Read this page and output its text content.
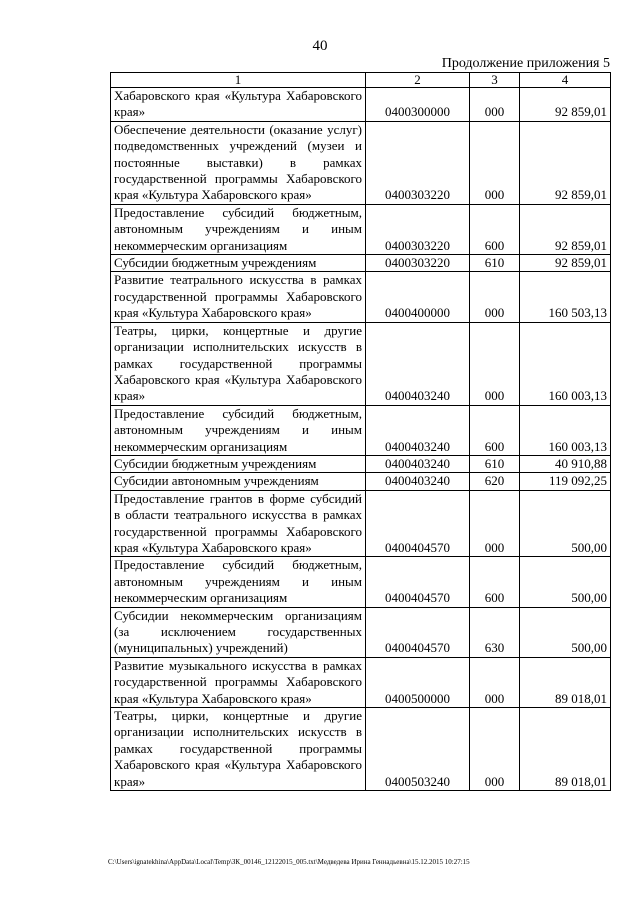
40
Продолжение приложения 5
1	2	3	4
Хабаровского края «Культура Хабаровского края»	0400300000	000	92 859,01
Обеспечение деятельности (оказание услуг) подведомственных учреждений (музеи и постоянные выставки) в рамках государственной программы Хабаровского края «Культура Хабаровского края»	0400303220	000	92 859,01
Предоставление субсидий бюджетным, автономным учреждениям и иным некоммерческим организациям	0400303220	600	92 859,01
Субсидии бюджетным учреждениям	0400303220	610	92 859,01
Развитие театрального искусства в рамках государственной программы Хабаровского края «Культура Хабаровского края»	0400400000	000	160 503,13
Театры, цирки, концертные и другие организации исполнительских искусств в рамках государственной программы Хабаровского края «Культура Хабаровского края»	0400403240	000	160 003,13
Предоставление субсидий бюджетным, автономным учреждениям и иным некоммерческим организациям	0400403240	600	160 003,13
Субсидии бюджетным учреждениям	0400403240	610	40 910,88
Субсидии автономным учреждениям	0400403240	620	119 092,25
Предоставление грантов в форме субсидий в области театрального искусства в рамках государственной программы Хабаровского края «Культура Хабаровского края»	0400404570	000	500,00
Предоставление субсидий бюджетным, автономным учреждениям и иным некоммерческим организациям	0400404570	600	500,00
Субсидии некоммерческим организациям (за исключением государственных (муниципальных) учреждений)	0400404570	630	500,00
Развитие музыкального искусства в рамках государственной программы Хабаровского края «Культура Хабаровского края»	0400500000	000	89 018,01
Театры, цирки, концертные и другие организации исполнительских искусств в рамках государственной программы Хабаровского края «Культура Хабаровского края»	0400503240	000	89 018,01
C:\Users\ignatekhina\AppData\Local\Temp\ЗК_00146_12122015_005.txt\Медведева Ирина Геннадьевна\15.12.2015 10:27:15
